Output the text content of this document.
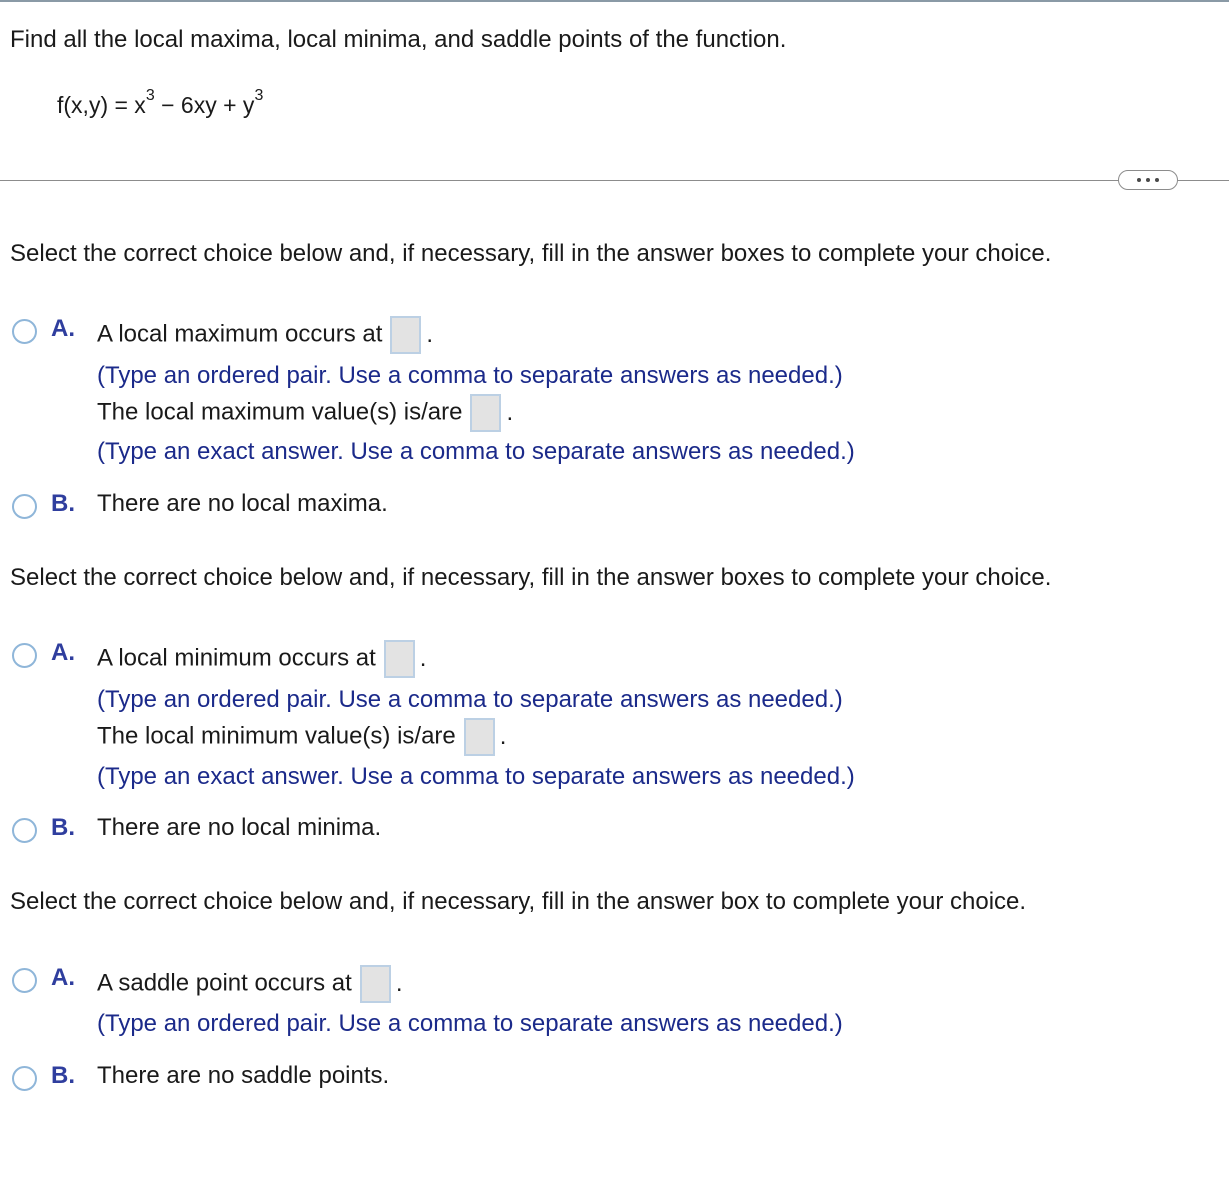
Find all the local maxima, local minima, and saddle points of the function.
$f(x,y) = x^3 - 6xy + y^3$
Select the correct choice below and, if necessary, fill in the answer boxes to complete your choice.
A. A local maximum occurs at .
(Type an ordered pair. Use a comma to separate answers as needed.)
The local maximum value(s) is/are .
(Type an exact answer. Use a comma to separate answers as needed.)
B. There are no local maxima.
Select the correct choice below and, if necessary, fill in the answer boxes to complete your choice.
A. A local minimum occurs at .
(Type an ordered pair. Use a comma to separate answers as needed.)
The local minimum value(s) is/are .
(Type an exact answer. Use a comma to separate answers as needed.)
B. There are no local minima.
Select the correct choice below and, if necessary, fill in the answer box to complete your choice.
A. A saddle point occurs at .
(Type an ordered pair. Use a comma to separate answers as needed.)
B. There are no saddle points.
